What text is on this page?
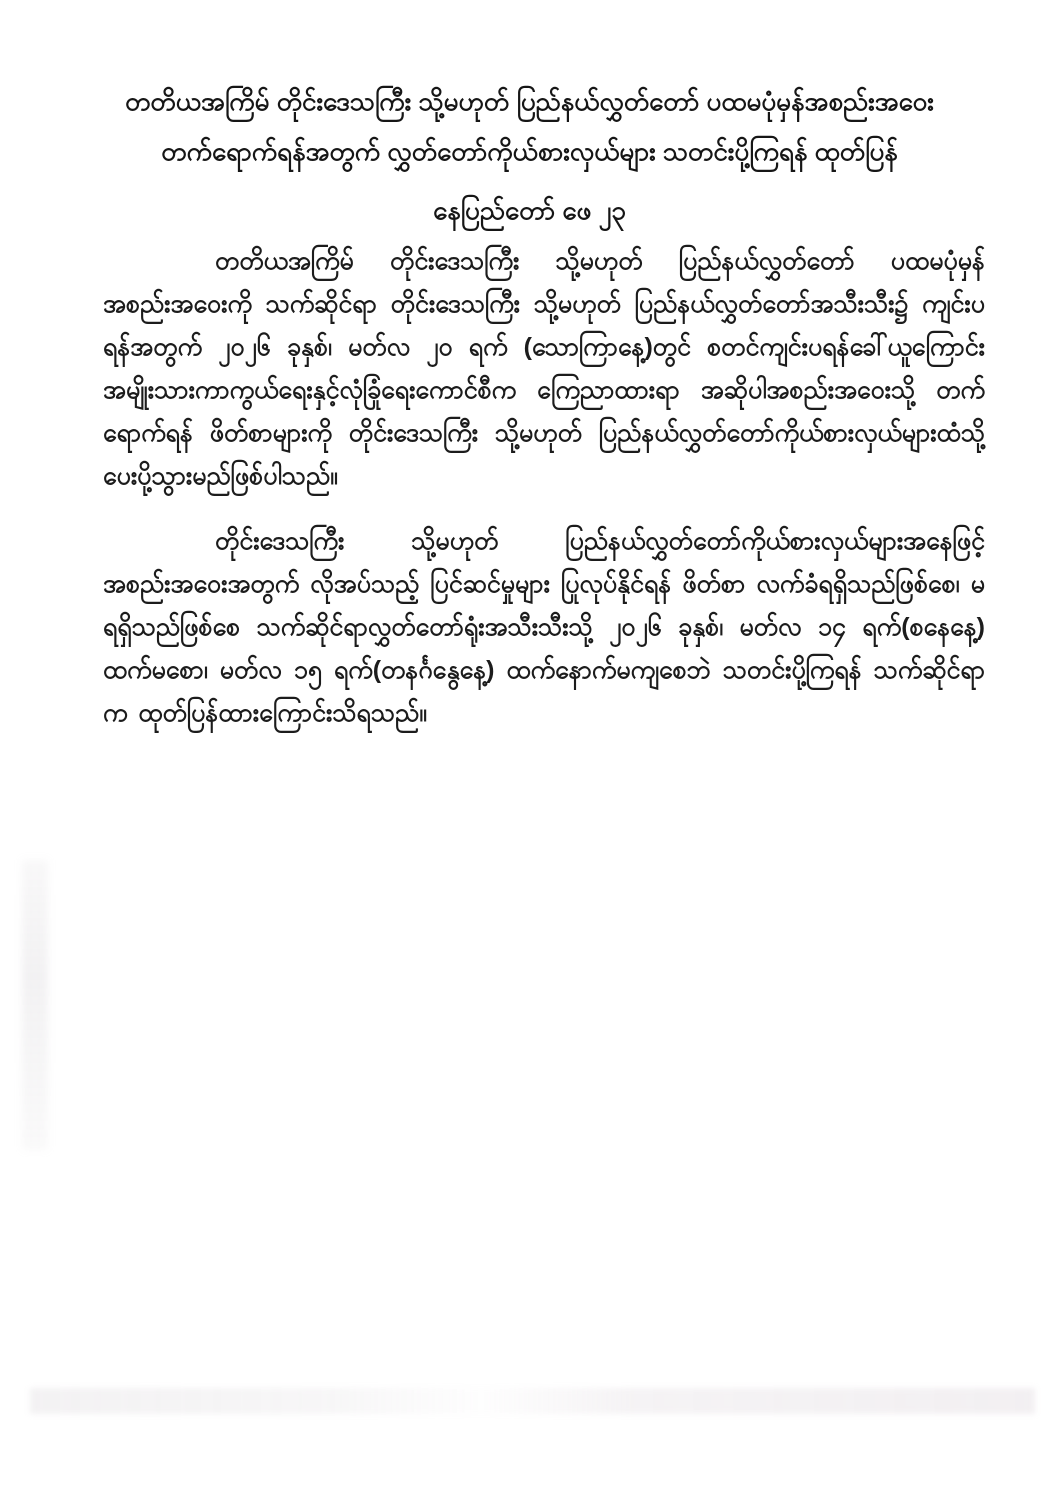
တတိယအကြိမ် တိုင်းဒေသကြီး သို့မဟုတ် ပြည်နယ်လွှတ်တော် ပထမပုံမှန်အစည်းအဝေး
တက်ရောက်ရန်အတွက် လွှတ်တော်ကိုယ်စားလှယ်များ သတင်းပို့ကြရန် ထုတ်ပြန်
နေပြည်တော် ဖေ ၂၃

တတိယအကြိမ် တိုင်းဒေသကြီး သို့မဟုတ် ပြည်နယ်လွှတ်တော် ပထမပုံမှန် အစည်းအဝေးကို သက်ဆိုင်ရာ တိုင်းဒေသကြီး သို့မဟုတ် ပြည်နယ်လွှတ်တော်အသီးသီး၌ ကျင်းပရန်အတွက် ၂၀၂၆ ခုနှစ်၊ မတ်လ ၂၀ ရက် (သောကြာနေ့)တွင် စတင်ကျင်းပရန်ခေါ်ယူကြောင်း အမျိုးသားကာကွယ်ရေးနှင့်လုံခြုံရေးကောင်စီက ကြေညာထားရာ အဆိုပါအစည်းအဝေးသို့ တက်ရောက်ရန် ဖိတ်စာများကို တိုင်းဒေသကြီး သို့မဟုတ် ပြည်နယ်လွှတ်တော်ကိုယ်စားလှယ်များထံသို့ ပေးပို့သွားမည်ဖြစ်ပါသည်။

တိုင်းဒေသကြီး သို့မဟုတ် ပြည်နယ်လွှတ်တော်ကိုယ်စားလှယ်များအနေဖြင့် အစည်းအဝေးအတွက် လိုအပ်သည့် ပြင်ဆင်မှုများ ပြုလုပ်နိုင်ရန် ဖိတ်စာ လက်ခံရရှိသည်ဖြစ်စေ၊ မရရှိသည်ဖြစ်စေ သက်ဆိုင်ရာလွှတ်တော်ရုံးအသီးသီးသို့ ၂၀၂၆ ခုနှစ်၊ မတ်လ ၁၄ ရက်(စနေနေ့) ထက်မစော၊ မတ်လ ၁၅ ရက်(တနင်္ဂနွေနေ့) ထက်နောက်မကျစေဘဲ သတင်းပို့ကြရန် သက်ဆိုင်ရာ က ထုတ်ပြန်ထားကြောင်းသိရသည်။
